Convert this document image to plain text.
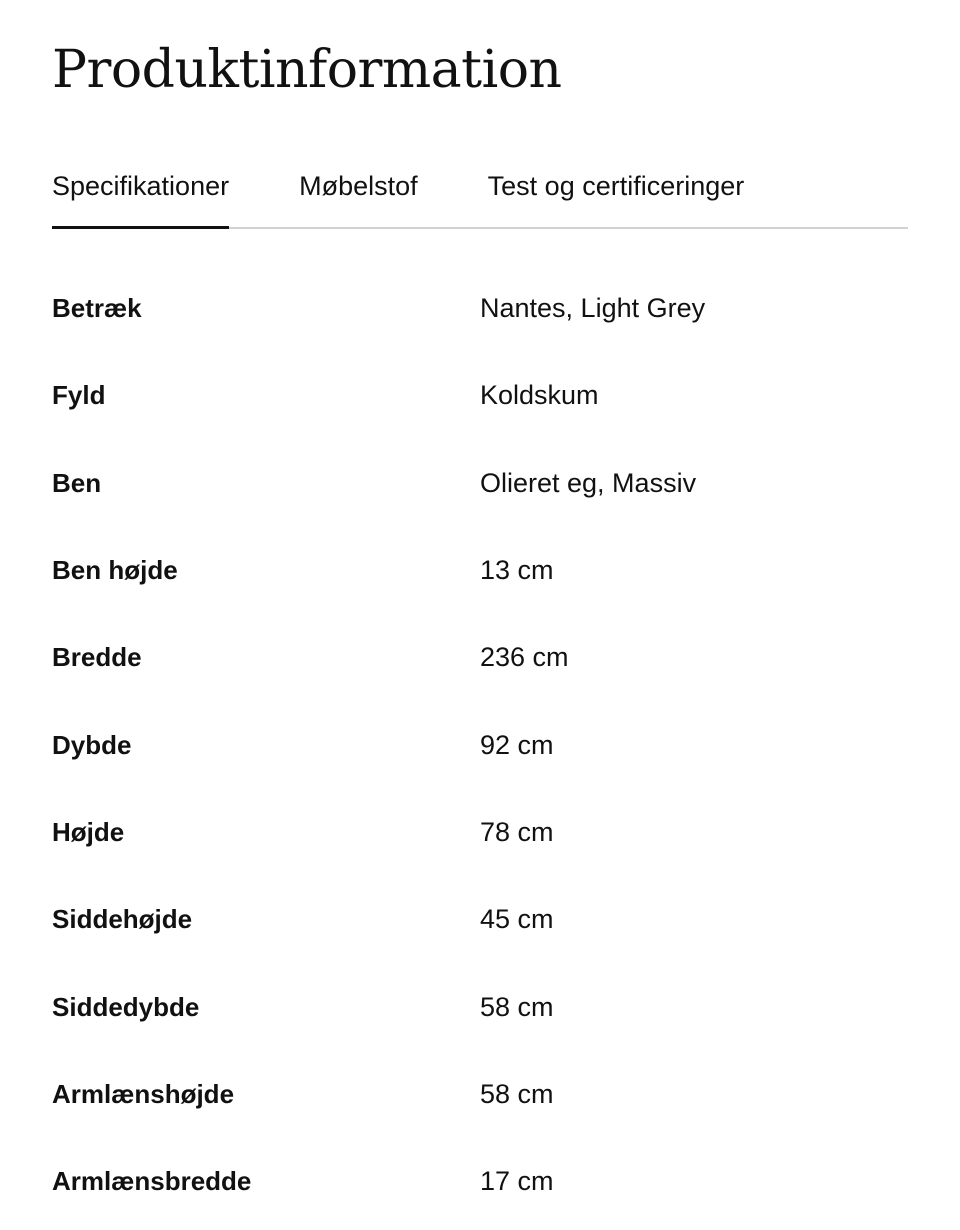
Produktinformation
Specifikationer	Møbelstof	Test og certificeringer
Betræk	Nantes, Light Grey
Fyld	Koldskum
Ben	Olieret eg, Massiv
Ben højde	13 cm
Bredde	236 cm
Dybde	92 cm
Højde	78 cm
Siddehøjde	45 cm
Siddedybde	58 cm
Armlænshøjde	58 cm
Armlænsbredde	17 cm
